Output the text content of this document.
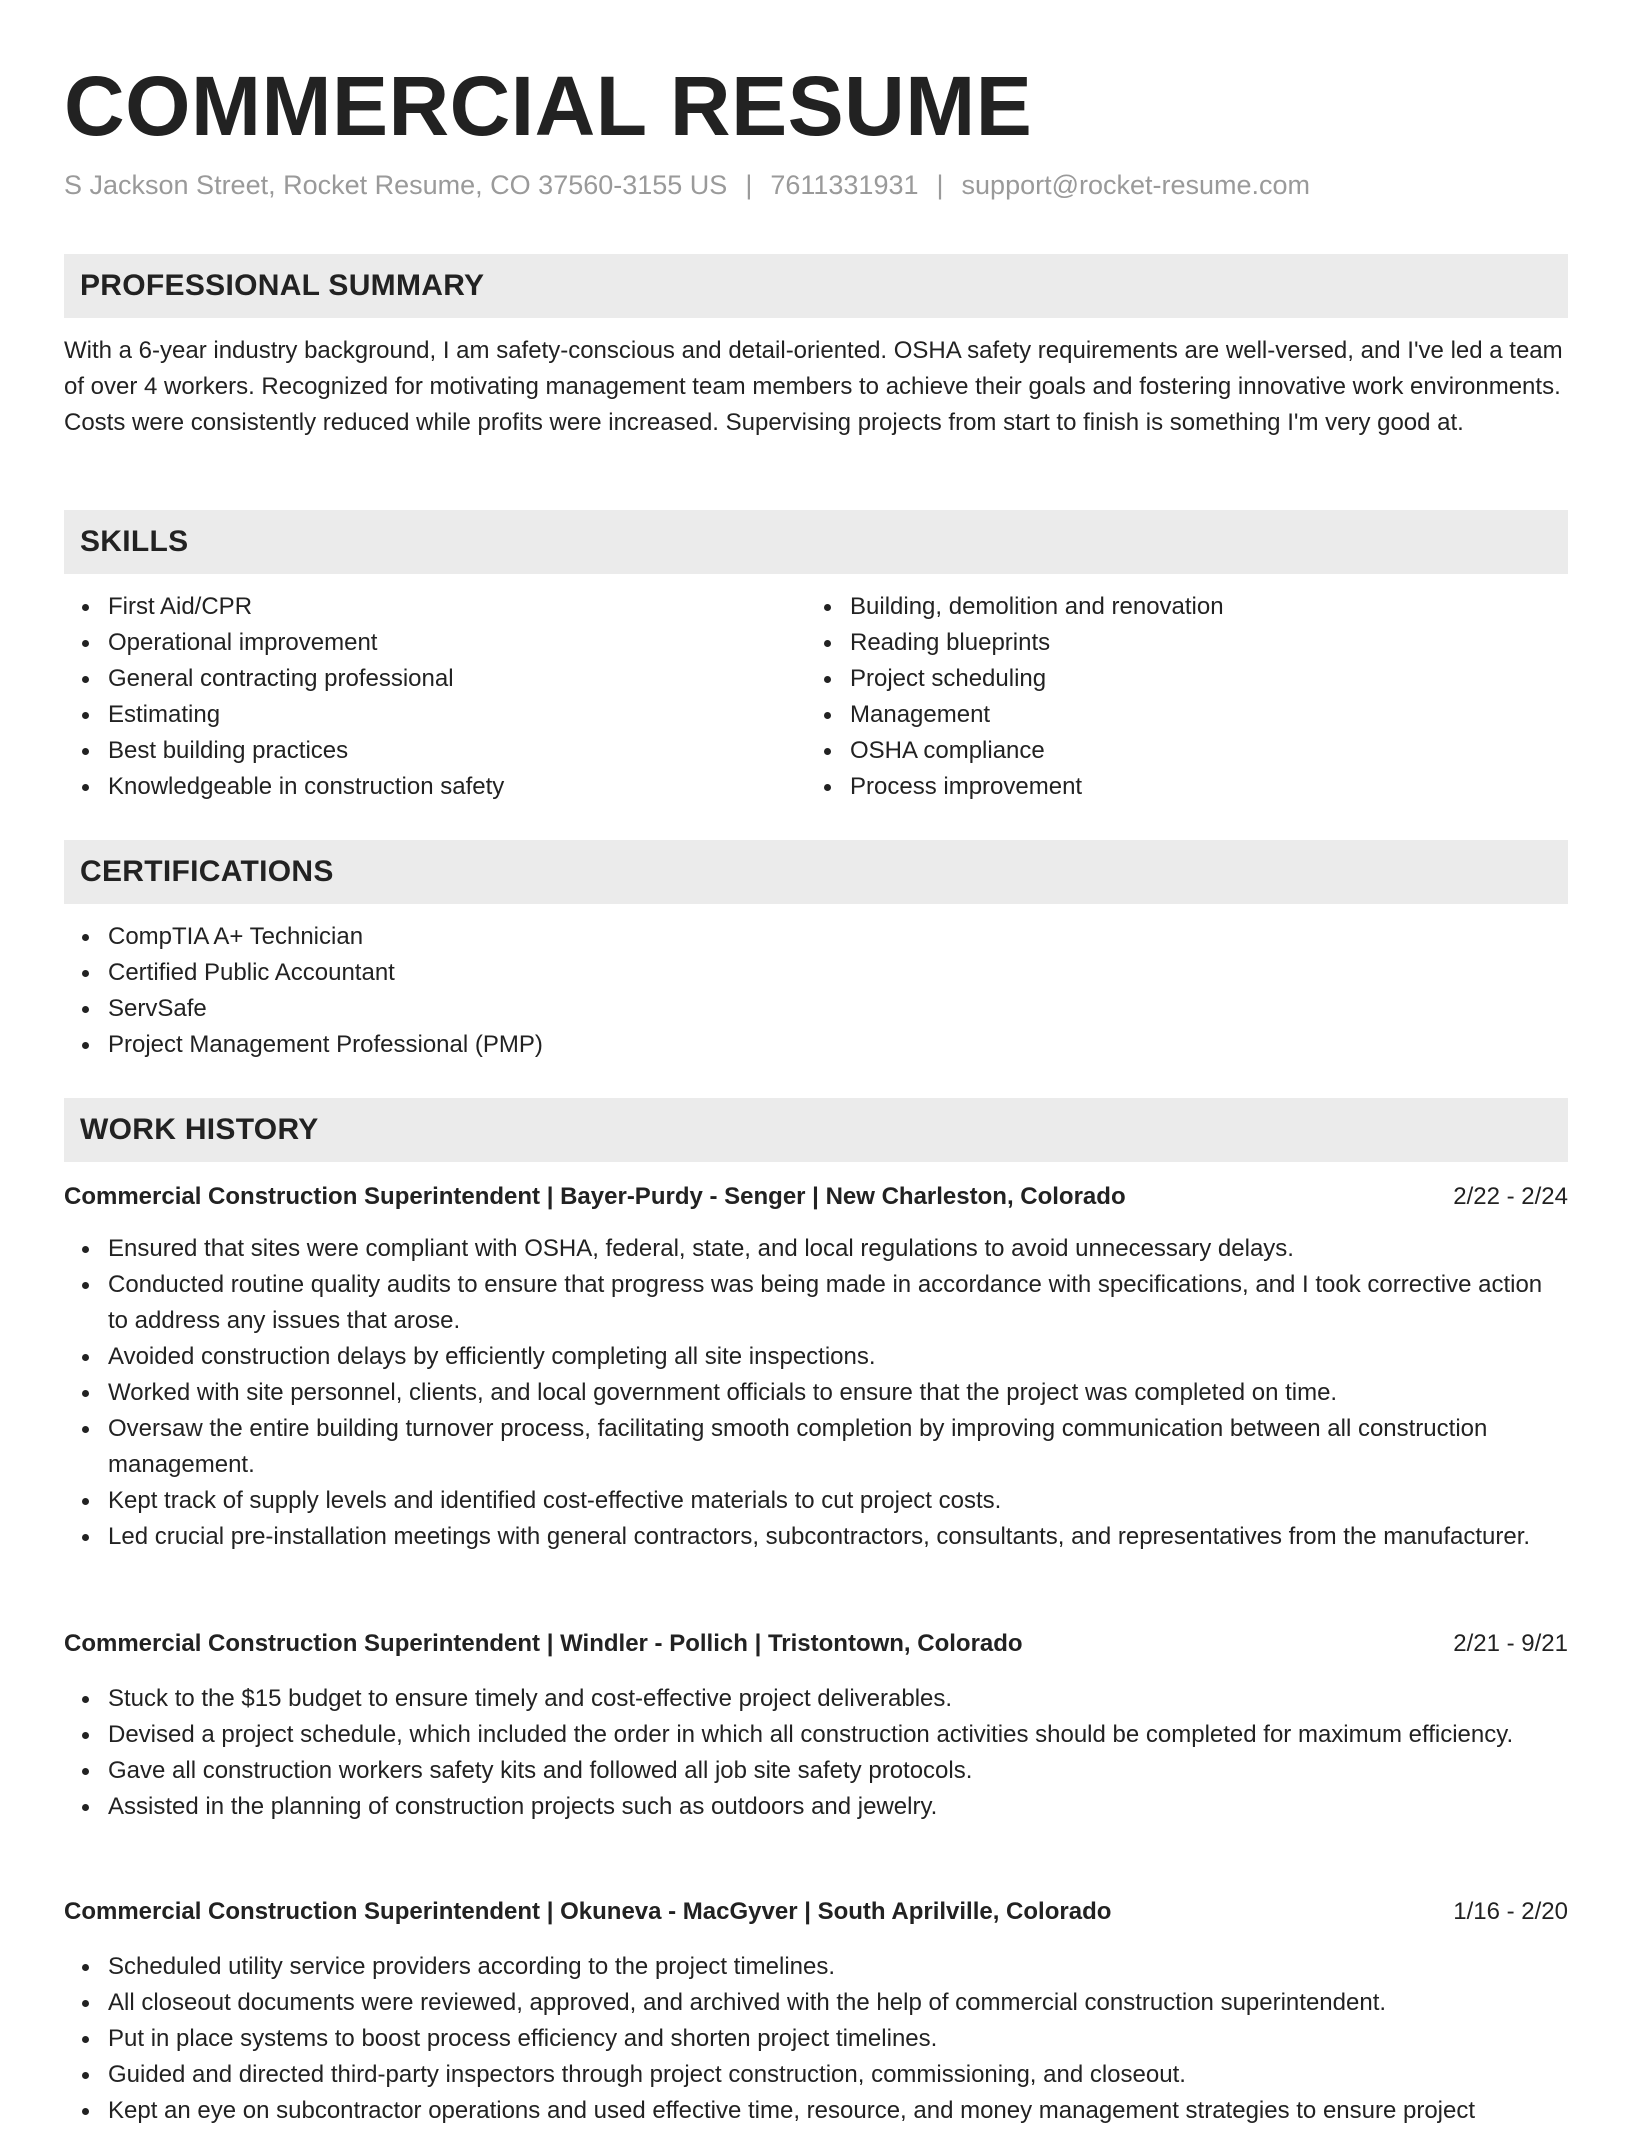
COMMERCIAL RESUME
S Jackson Street, Rocket Resume, CO 37560-3155 US | 7611331931 | support@rocket-resume.com
PROFESSIONAL SUMMARY
With a 6-year industry background, I am safety-conscious and detail-oriented. OSHA safety requirements are well-versed, and I've led a team of over 4 workers. Recognized for motivating management team members to achieve their goals and fostering innovative work environments. Costs were consistently reduced while profits were increased. Supervising projects from start to finish is something I'm very good at.
SKILLS
First Aid/CPR
Operational improvement
General contracting professional
Estimating
Best building practices
Knowledgeable in construction safety
Building, demolition and renovation
Reading blueprints
Project scheduling
Management
OSHA compliance
Process improvement
CERTIFICATIONS
CompTIA A+ Technician
Certified Public Accountant
ServSafe
Project Management Professional (PMP)
WORK HISTORY
Commercial Construction Superintendent | Bayer-Purdy - Senger | New Charleston, Colorado	2/22 - 2/24
Ensured that sites were compliant with OSHA, federal, state, and local regulations to avoid unnecessary delays.
Conducted routine quality audits to ensure that progress was being made in accordance with specifications, and I took corrective action to address any issues that arose.
Avoided construction delays by efficiently completing all site inspections.
Worked with site personnel, clients, and local government officials to ensure that the project was completed on time.
Oversaw the entire building turnover process, facilitating smooth completion by improving communication between all construction management.
Kept track of supply levels and identified cost-effective materials to cut project costs.
Led crucial pre-installation meetings with general contractors, subcontractors, consultants, and representatives from the manufacturer.
Commercial Construction Superintendent | Windler - Pollich | Tristontown, Colorado	2/21 - 9/21
Stuck to the $15 budget to ensure timely and cost-effective project deliverables.
Devised a project schedule, which included the order in which all construction activities should be completed for maximum efficiency.
Gave all construction workers safety kits and followed all job site safety protocols.
Assisted in the planning of construction projects such as outdoors and jewelry.
Commercial Construction Superintendent | Okuneva - MacGyver | South Aprilville, Colorado	1/16 - 2/20
Scheduled utility service providers according to the project timelines.
All closeout documents were reviewed, approved, and archived with the help of commercial construction superintendent.
Put in place systems to boost process efficiency and shorten project timelines.
Guided and directed third-party inspectors through project construction, commissioning, and closeout.
Kept an eye on subcontractor operations and used effective time, resource, and money management strategies to ensure project
